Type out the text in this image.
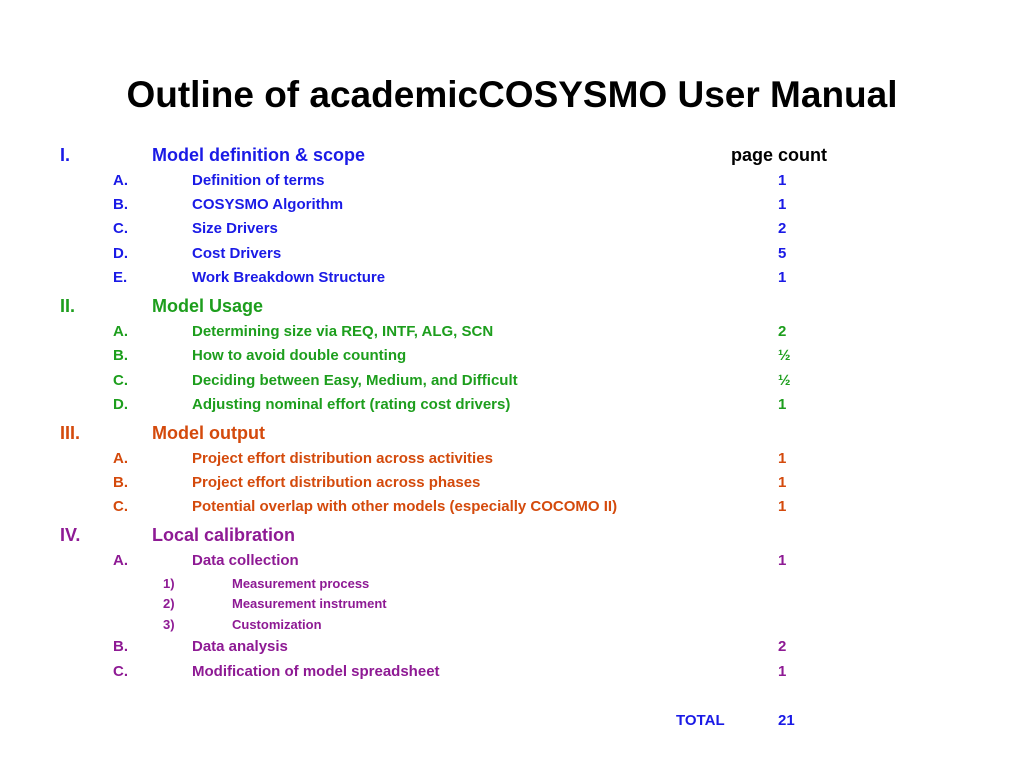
Outline of academicCOSYSMO User Manual
I.	Model definition & scope	page count
A.	Definition of terms	1
B.	COSYSMO Algorithm	1
C.	Size Drivers	2
D.	Cost Drivers	5
E.	Work Breakdown Structure	1
II.	Model Usage
A.	Determining size via REQ, INTF, ALG, SCN	2
B.	How to avoid double counting	½
C.	Deciding between Easy, Medium, and Difficult	½
D.	Adjusting nominal effort (rating cost drivers)	1
III.	Model output
A.	Project effort distribution across activities	1
B.	Project effort distribution across phases	1
C.	Potential overlap with other models (especially COCOMO II)	1
IV.	Local calibration
A.	Data collection	1
1)	Measurement process
2)	Measurement instrument
3)	Customization
B.	Data analysis	2
C.	Modification of model spreadsheet	1
TOTAL	21
